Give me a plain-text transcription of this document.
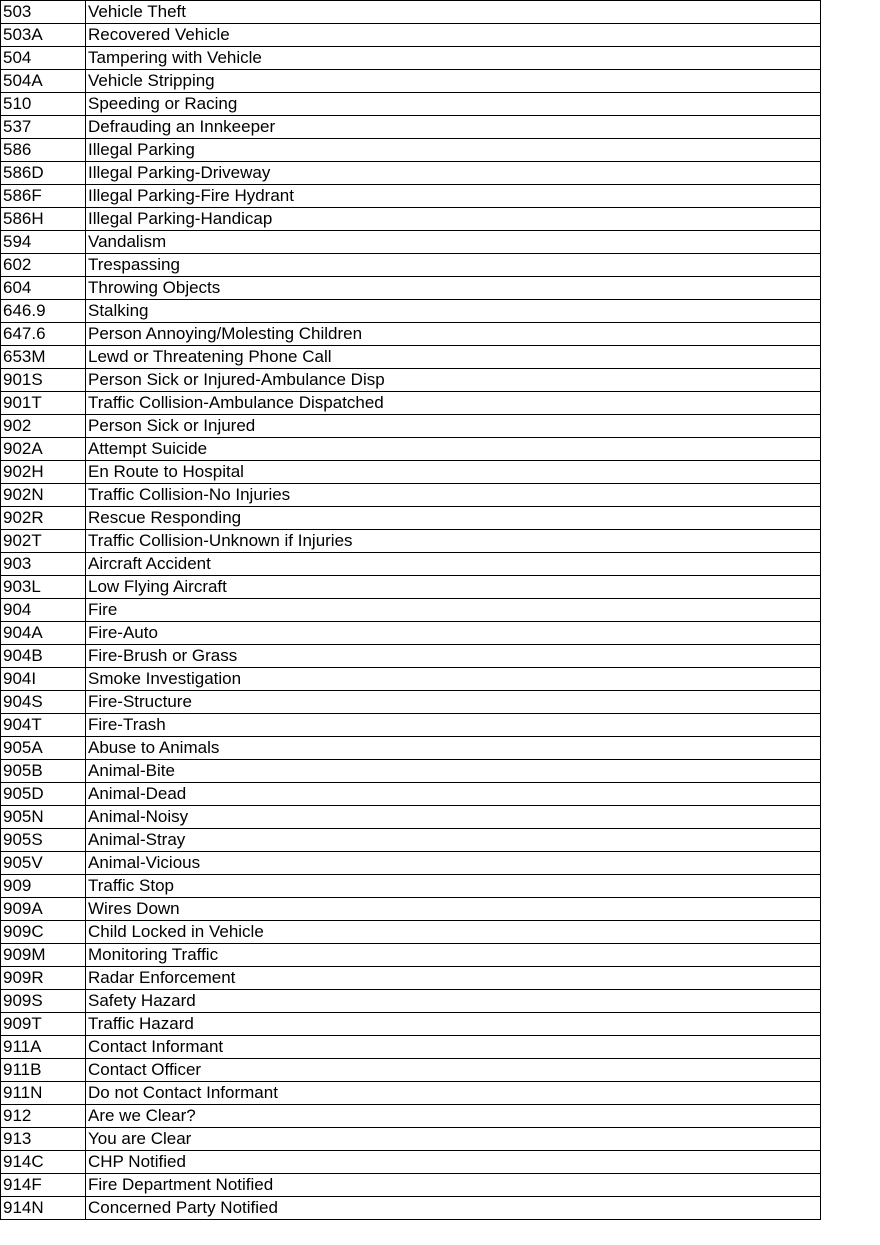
503	Vehicle Theft
503A	Recovered Vehicle
504	Tampering with Vehicle
504A	Vehicle Stripping
510	Speeding or Racing
537	Defrauding an Innkeeper
586	Illegal Parking
586D	Illegal Parking-Driveway
586F	Illegal Parking-Fire Hydrant
586H	Illegal Parking-Handicap
594	Vandalism
602	Trespassing
604	Throwing Objects
646.9	Stalking
647.6	Person Annoying/Molesting Children
653M	Lewd or Threatening Phone Call
901S	Person Sick or Injured-Ambulance Disp
901T	Traffic Collision-Ambulance Dispatched
902	Person Sick or Injured
902A	Attempt Suicide
902H	En Route to Hospital
902N	Traffic Collision-No Injuries
902R	Rescue Responding
902T	Traffic Collision-Unknown if Injuries
903	Aircraft Accident
903L	Low Flying Aircraft
904	Fire
904A	Fire-Auto
904B	Fire-Brush or Grass
904I	Smoke Investigation
904S	Fire-Structure
904T	Fire-Trash
905A	Abuse to Animals
905B	Animal-Bite
905D	Animal-Dead
905N	Animal-Noisy
905S	Animal-Stray
905V	Animal-Vicious
909	Traffic Stop
909A	Wires Down
909C	Child Locked in Vehicle
909M	Monitoring Traffic
909R	Radar Enforcement
909S	Safety Hazard
909T	Traffic Hazard
911A	Contact Informant
911B	Contact Officer
911N	Do not Contact Informant
912	Are we Clear?
913	You are Clear
914C	CHP Notified
914F	Fire Department Notified
914N	Concerned Party Notified
